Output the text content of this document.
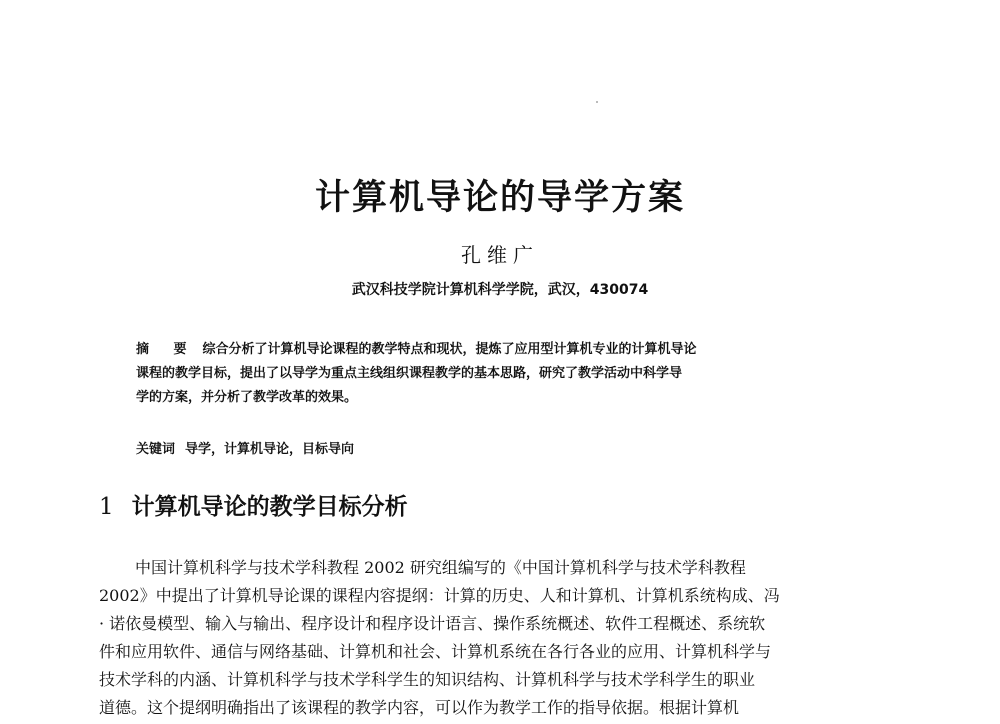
计算机导论的导学方案
孔维广
武汉科技学院计算机科学学院，武汉，430074
摘 要 综合分析了计算机导论课程的教学特点和现状，提炼了应用型计算机专业的计算机导论
课程的教学目标，提出了以导学为重点主线组织课程教学的基本思路，研究了教学活动中科学导
学的方案，并分析了教学改革的效果。
关键词 导学，计算机导论，目标导向
1 计算机导论的教学目标分析
中国计算机科学与技术学科教程 2002 研究组编写的《中国计算机科学与技术学科教程
2002》中提出了计算机导论课的课程内容提纲：计算的历史、人和计算机、计算机系统构成、冯
· 诺依曼模型、输入与输出、程序设计和程序设计语言、操作系统概述、软件工程概述、系统软
件和应用软件、通信与网络基础、计算机和社会、计算机系统在各行各业的应用、计算机科学与
技术学科的内涵、计算机科学与技术学科学生的知识结构、计算机科学与技术学科学生的职业
道德。这个提纲明确指出了该课程的教学内容，可以作为教学工作的指导依据。根据计算机
